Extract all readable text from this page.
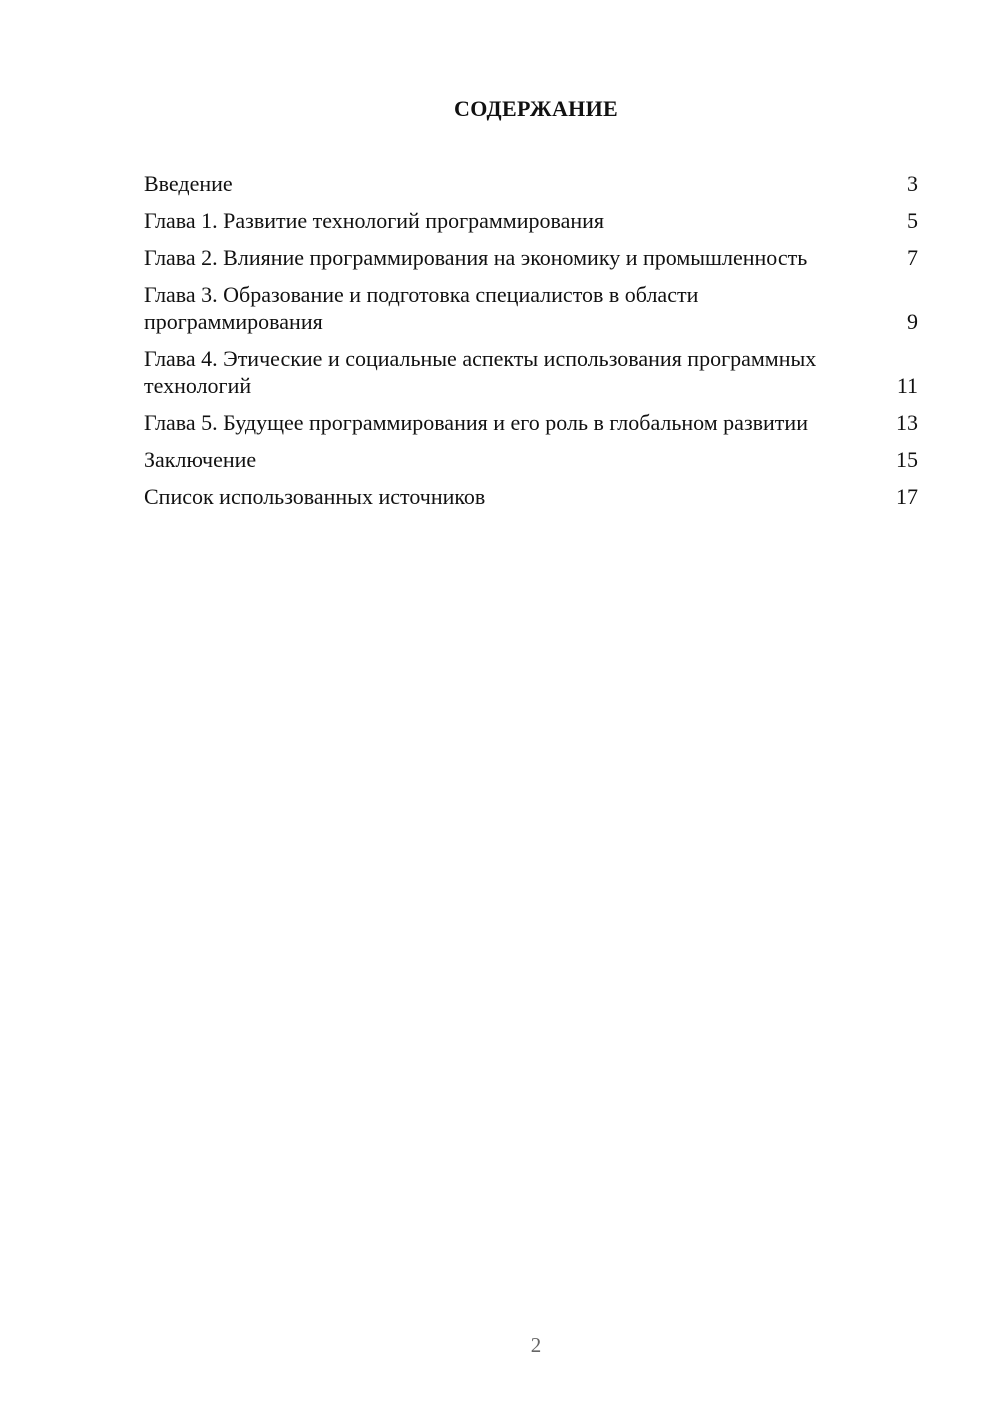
СОДЕРЖАНИЕ
Введение	3
Глава 1. Развитие технологий программирования	5
Глава 2. Влияние программирования на экономику и промышленность	7
Глава 3. Образование и подготовка специалистов в области программирования	9
Глава 4. Этические и социальные аспекты использования программных технологий	11
Глава 5. Будущее программирования и его роль в глобальном развитии	13
Заключение	15
Список использованных источников	17
2
